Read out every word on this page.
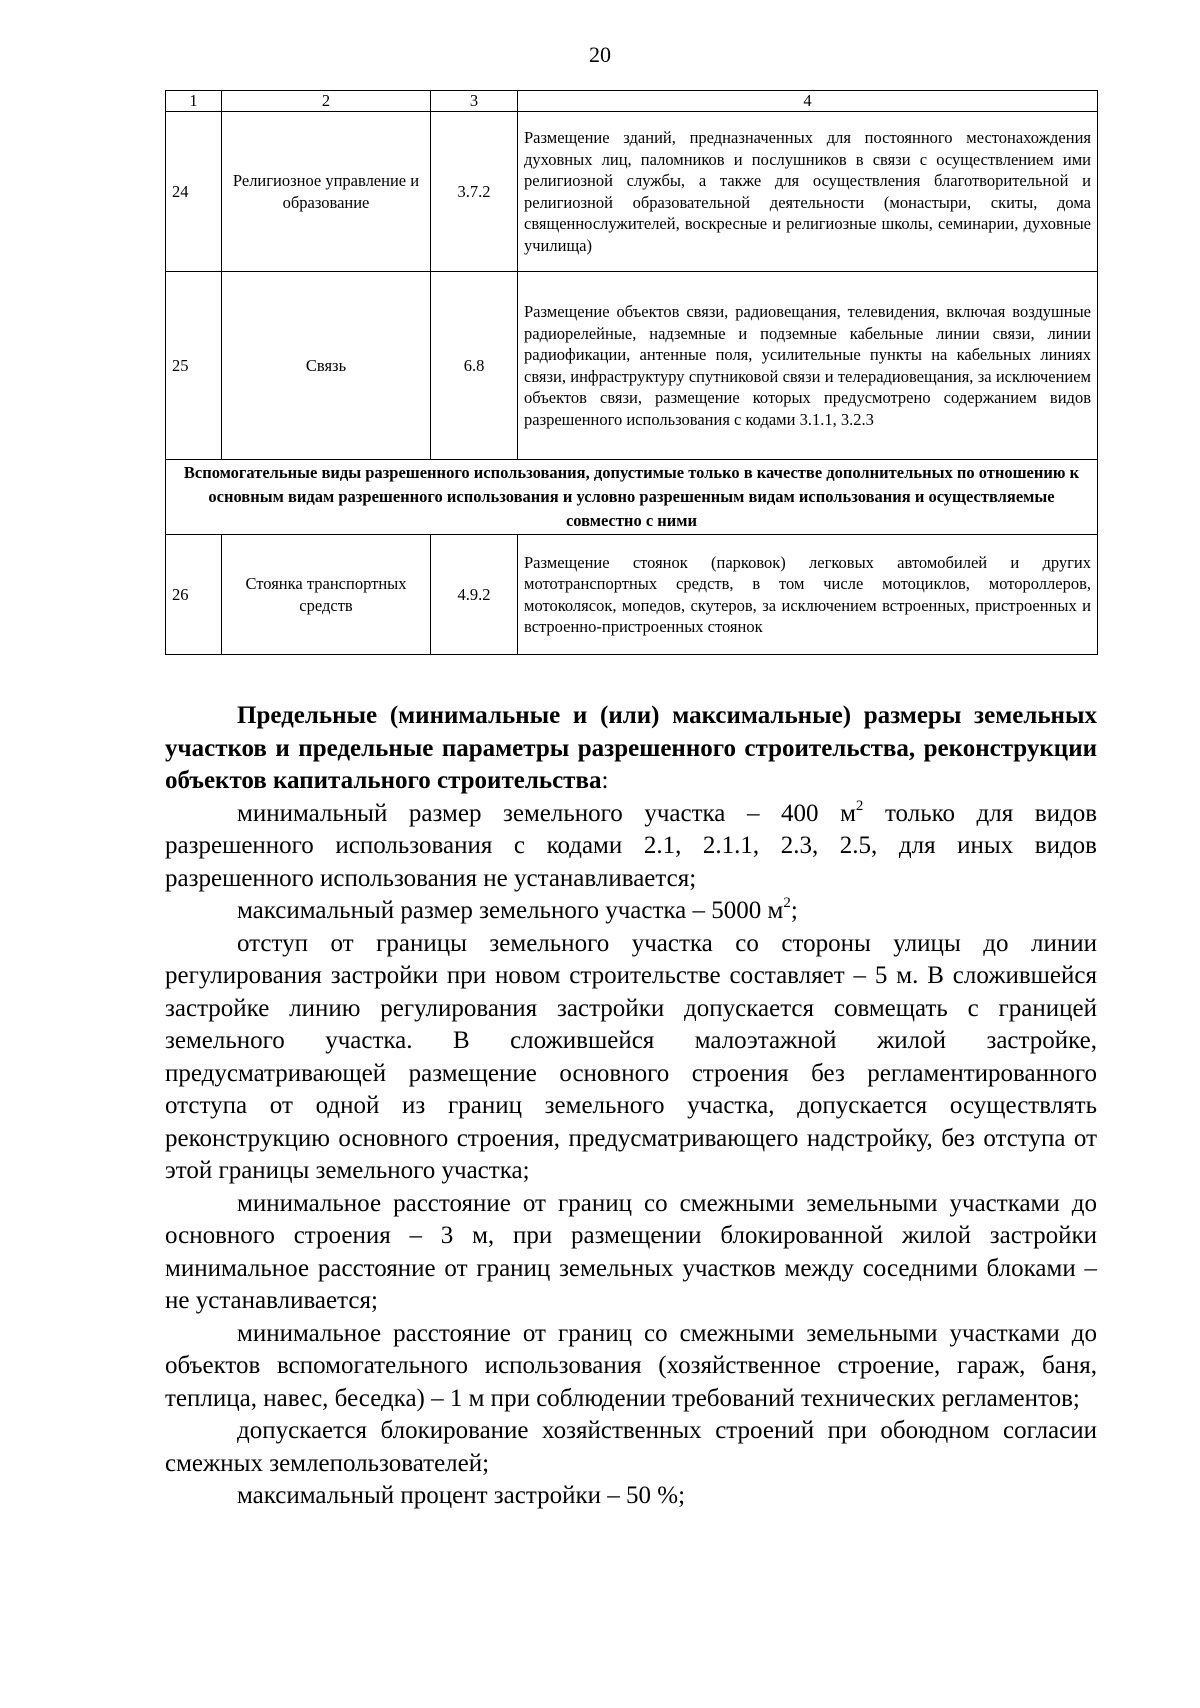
20
1	2	3	4
24	Религиозное управление и образование	3.7.2	Размещение зданий, предназначенных для постоянного местонахождения духовных лиц, паломников и послушников в связи с осуществлением ими религиозной службы, а также для осуществления благотворительной и религиозной образовательной деятельности (монастыри, скиты, дома священнослужителей, воскресные и религиозные школы, семинарии, духовные училища)
25	Связь	6.8	Размещение объектов связи, радиовещания, телевидения, включая воздушные радиорелейные, надземные и подземные кабельные линии связи, линии радиофикации, антенные поля, усилительные пункты на кабельных линиях связи, инфраструктуру спутниковой связи и телерадиовещания, за исключением объектов связи, размещение которых предусмотрено содержанием видов разрешенного использования с кодами 3.1.1, 3.2.3
Вспомогательные виды разрешенного использования, допустимые только в качестве дополнительных по отношению к основным видам разрешенного использования и условно разрешенным видам использования и осуществляемые совместно с ними			
26	Стоянка транспортных средств	4.9.2	Размещение стоянок (парковок) легковых автомобилей и других мототранспортных средств, в том числе мотоциклов, мотороллеров, мотоколясок, мопедов, скутеров, за исключением встроенных, пристроенных и встроенно-пристроенных стоянок

Предельные (минимальные и (или) максимальные) размеры земельных участков и предельные параметры разрешенного строительства, реконструкции объектов капитального строительства:

минимальный размер земельного участка – 400 $м^2$ только для видов разрешенного использования с кодами 2.1, 2.1.1, 2.3, 2.5, для иных видов разрешенного использования не устанавливается;

максимальный размер земельного участка – 5000 $м^2$;

отступ от границы земельного участка со стороны улицы до линии регулирования застройки при новом строительстве составляет – 5 м. В сложившейся застройке линию регулирования застройки допускается совмещать с границей земельного участка. В сложившейся малоэтажной жилой застройке, предусматривающей размещение основного строения без регламентированного отступа от одной из границ земельного участка, допускается осуществлять реконструкцию основного строения, предусматривающего надстройку, без отступа от этой границы земельного участка;

минимальное расстояние от границ со смежными земельными участками до основного строения – 3 м, при размещении блокированной жилой застройки минимальное расстояние от границ земельных участков между соседними блоками – не устанавливается;

минимальное расстояние от границ со смежными земельными участками до объектов вспомогательного использования (хозяйственное строение, гараж, баня, теплица, навес, беседка) – 1 м при соблюдении требований технических регламентов;

допускается блокирование хозяйственных строений при обоюдном согласии смежных землепользователей;

максимальный процент застройки – 50 %;
